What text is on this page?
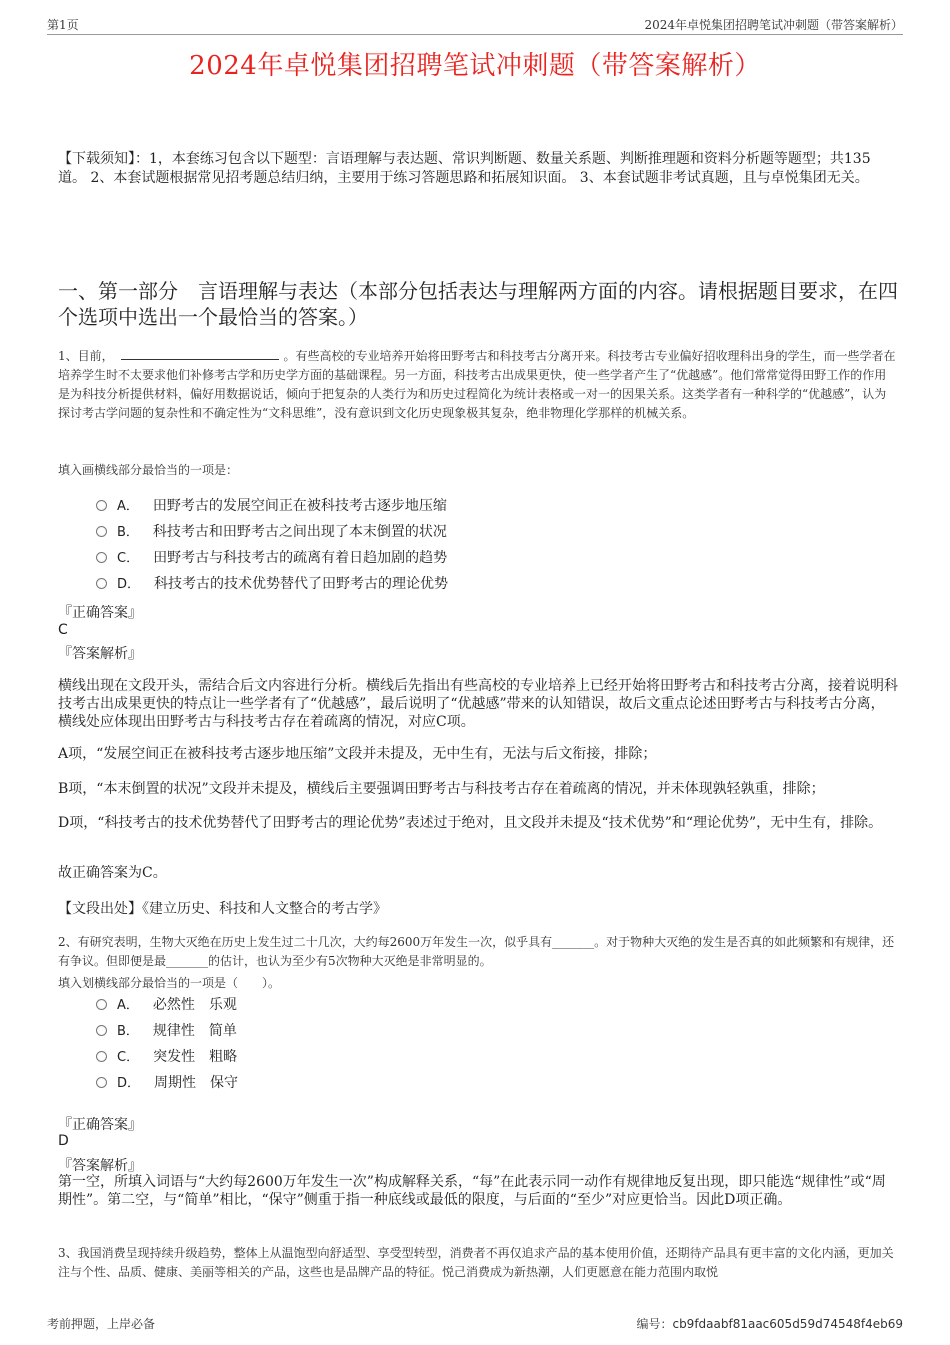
第1页	2024年卓悦集团招聘笔试冲刺题（带答案解析）
2024年卓悦集团招聘笔试冲刺题（带答案解析）
【下载须知】：1，本套练习包含以下题型：言语理解与表达题、常识判断题、数量关系题、判断推理题和资料分析题等题型；共135道。 2、本套试题根据常见招考题总结归纳，主要用于练习答题思路和拓展知识面。 3、本套试题非考试真题，且与卓悦集团无关。
一、第一部分　言语理解与表达（本部分包括表达与理解两方面的内容。请根据题目要求，在四个选项中选出一个最恰当的答案。）
1、目前，	。有些高校的专业培养开始将田野考古和科技考古分离开来。科技考古专业偏好招收理科出身的学生，而一些学者在培养学生时不太要求他们补修考古学和历史学方面的基础课程。另一方面，科技考古出成果更快，使一些学者产生了“优越感”。他们常常觉得田野工作的作用是为科技分析提供材料，偏好用数据说话，倾向于把复杂的人类行为和历史过程简化为统计表格或一对一的因果关系。这类学者有一种科学的“优越感”，认为探讨考古学问题的复杂性和不确定性为“文科思维”，没有意识到文化历史现象极其复杂，绝非物理化学那样的机械关系。
填入画横线部分最恰当的一项是：
A． 田野考古的发展空间正在被科技考古逐步地压缩
B． 科技考古和田野考古之间出现了本末倒置的状况
C． 田野考古与科技考古的疏离有着日趋加剧的趋势
D． 科技考古的技术优势替代了田野考古的理论优势
『正确答案』
C
『答案解析』
横线出现在文段开头，需结合后文内容进行分析。横线后先指出有些高校的专业培养上已经开始将田野考古和科技考古分离，接着说明科技考古出成果更快的特点让一些学者有了“优越感”，最后说明了“优越感”带来的认知错误，故后文重点论述田野考古与科技考古分离，横线处应体现出田野考古与科技考古存在着疏离的情况，对应C项。
A项，“发展空间正在被科技考古逐步地压缩”文段并未提及，无中生有，无法与后文衔接，排除；
B项，“本末倒置的状况”文段并未提及，横线后主要强调田野考古与科技考古存在着疏离的情况，并未体现孰轻孰重，排除；
D项，“科技考古的技术优势替代了田野考古的理论优势”表述过于绝对，且文段并未提及“技术优势”和“理论优势”，无中生有，排除。
故正确答案为C。
【文段出处】《建立历史、科技和人文整合的考古学》
2、有研究表明，生物大灭绝在历史上发生过二十几次，大约每2600万年发生一次，似乎具有_______。对于物种大灭绝的发生是否真的如此频繁和有规律，还有争议。但即便是最_______的估计，也认为至少有5次物种大灭绝是非常明显的。
填入划横线部分最恰当的一项是（　　）。
A． 必然性　乐观
B． 规律性　简单
C． 突发性　粗略
D． 周期性　保守
『正确答案』
D
『答案解析』
第一空，所填入词语与“大约每2600万年发生一次”构成解释关系，“每”在此表示同一动作有规律地反复出现，即只能选“规律性”或“周期性”。第二空，与“简单”相比，“保守”侧重于指一种底线或最低的限度，与后面的“至少”对应更恰当。因此D项正确。
3、我国消费呈现持续升级趋势，整体上从温饱型向舒适型、享受型转型，消费者不再仅追求产品的基本使用价值，还期待产品具有更丰富的文化内涵，更加关注与个性、品质、健康、美丽等相关的产品，这些也是品牌产品的特征。悦己消费成为新热潮，人们更愿意在能力范围内取悦
考前押题，上岸必备	编号：cb9fdaabf81aac605d59d74548f4eb69
